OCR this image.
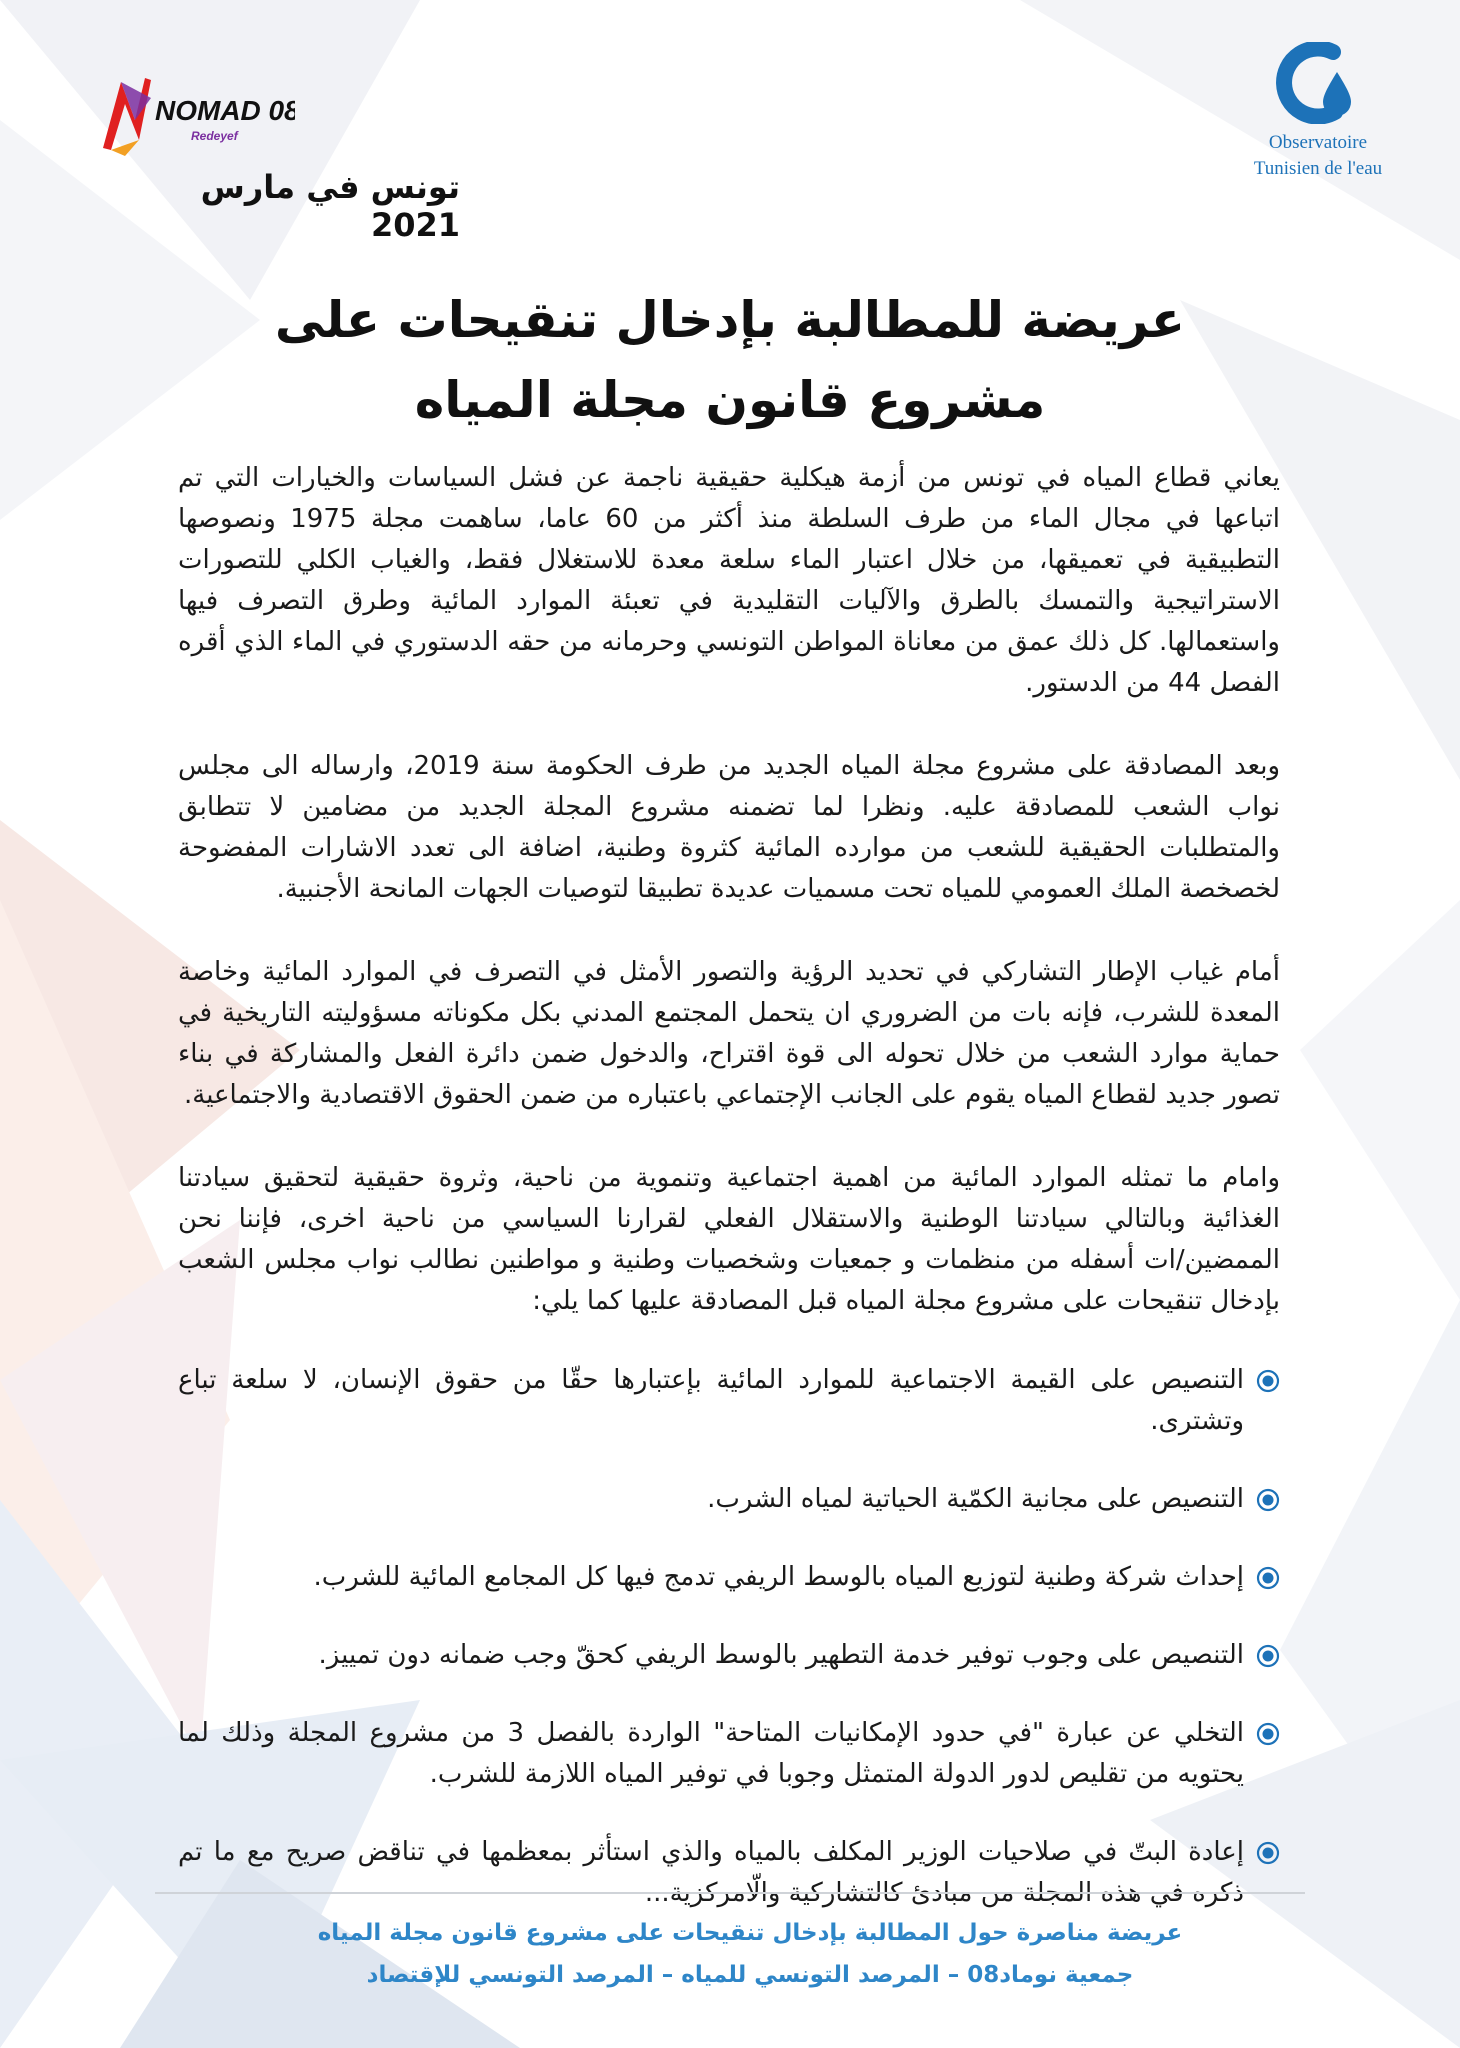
NOMAD 08
Redeyef	Observatoire
Tunisien de l'eau
تونس في مارس 2021
عريضة للمطالبة بإدخال تنقيحات على
مشروع قانون مجلة المياه

يعاني قطاع المياه في تونس من أزمة هيكلية حقيقية ناجمة عن فشل السياسات والخيارات التي تم اتباعها في مجال الماء من طرف السلطة منذ أكثر من 60 عاما، ساهمت مجلة 1975 ونصوصها التطبيقية في تعميقها، من خلال اعتبار الماء سلعة معدة للاستغلال فقط، والغياب الكلي للتصورات الاستراتيجية والتمسك بالطرق والآليات التقليدية في تعبئة الموارد المائية وطرق التصرف فيها واستعمالها. كل ذلك عمق من معاناة المواطن التونسي وحرمانه من حقه الدستوري في الماء الذي أقره الفصل 44 من الدستور.

وبعد المصادقة على مشروع مجلة المياه الجديد من طرف الحكومة سنة 2019، وارساله الى مجلس نواب الشعب للمصادقة عليه. ونظرا لما تضمنه مشروع المجلة الجديد من مضامين لا تتطابق والمتطلبات الحقيقية للشعب من موارده المائية كثروة وطنية، اضافة الى تعدد الاشارات المفضوحة لخصخصة الملك العمومي للمياه تحت مسميات عديدة تطبيقا لتوصيات الجهات المانحة الأجنبية.

أمام غياب الإطار التشاركي في تحديد الرؤية والتصور الأمثل في التصرف في الموارد المائية وخاصة المعدة للشرب، فإنه بات من الضروري ان يتحمل المجتمع المدني بكل مكوناته مسؤوليته التاريخية في حماية موارد الشعب من خلال تحوله الى قوة اقتراح، والدخول ضمن دائرة الفعل والمشاركة في بناء تصور جديد لقطاع المياه يقوم على الجانب الإجتماعي باعتباره من ضمن الحقوق الاقتصادية والاجتماعية.

وامام ما تمثله الموارد المائية من اهمية اجتماعية وتنموية من ناحية، وثروة حقيقية لتحقيق سيادتنا الغذائية وبالتالي سيادتنا الوطنية والاستقلال الفعلي لقرارنا السياسي من ناحية اخرى، فإننا نحن الممضين/ات أسفله من منظمات و جمعيات وشخصيات وطنية و مواطنين نطالب نواب مجلس الشعب بإدخال تنقيحات على مشروع مجلة المياه قبل المصادقة عليها كما يلي:

التنصيص على القيمة الاجتماعية للموارد المائية بإعتبارها حقّا من حقوق الإنسان، لا سلعة تباع وتشترى.
التنصيص على مجانية الكمّية الحياتية لمياه الشرب.
إحداث شركة وطنية لتوزيع المياه بالوسط الريفي تدمج فيها كل المجامع المائية للشرب.
التنصيص على وجوب توفير خدمة التطهير بالوسط الريفي كحقّ وجب ضمانه دون تمييز.
التخلي عن عبارة "في حدود الإمكانيات المتاحة" الواردة بالفصل 3 من مشروع المجلة وذلك لما يحتويه من تقليص لدور الدولة المتمثل وجوبا في توفير المياه اللازمة للشرب.
إعادة البتّ في صلاحيات الوزير المكلف بالمياه والذي استأثر بمعظمها في تناقض صريح مع ما تم ذكره في هذه المجلة من مبادئ كالتشاركية والّامركزية...
عريضة مناصرة حول المطالبة بإدخال تنقيحات على مشروع قانون مجلة المياه
جمعية نوماد08 – المرصد التونسي للمياه – المرصد التونسي للإقتصاد
